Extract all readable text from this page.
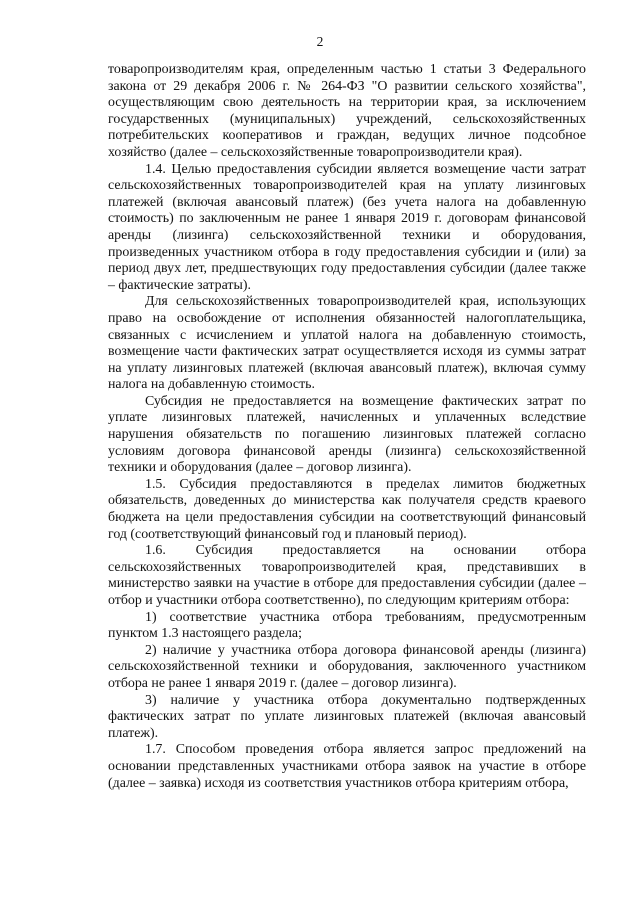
2

товаропроизводителям края, определенным частью 1 статьи 3 Федерального закона от 29 декабря 2006 г. № 264-ФЗ "О развитии сельского хозяйства", осуществляющим свою деятельность на территории края, за исключением государственных (муниципальных) учреждений, сельскохозяйственных потребительских кооперативов и граждан, ведущих личное подсобное хозяйство (далее – сельскохозяйственные товаропроизводители края).

1.4. Целью предоставления субсидии является возмещение части затрат сельскохозяйственных товаропроизводителей края на уплату лизинговых платежей (включая авансовый платеж) (без учета налога на добавленную стоимость) по заключенным не ранее 1 января 2019 г. договорам финансовой аренды (лизинга) сельскохозяйственной техники и оборудования, произведенных участником отбора в году предоставления субсидии и (или) за период двух лет, предшествующих году предоставления субсидии (далее также – фактические затраты).

Для сельскохозяйственных товаропроизводителей края, использующих право на освобождение от исполнения обязанностей налогоплательщика, связанных с исчислением и уплатой налога на добавленную стоимость, возмещение части фактических затрат осуществляется исходя из суммы затрат на уплату лизинговых платежей (включая авансовый платеж), включая сумму налога на добавленную стоимость.

Субсидия не предоставляется на возмещение фактических затрат по уплате лизинговых платежей, начисленных и уплаченных вследствие нарушения обязательств по погашению лизинговых платежей согласно условиям договора финансовой аренды (лизинга) сельскохозяйственной техники и оборудования (далее – договор лизинга).

1.5. Субсидия предоставляются в пределах лимитов бюджетных обязательств, доведенных до министерства как получателя средств краевого бюджета на цели предоставления субсидии на соответствующий финансовый год (соответствующий финансовый год и плановый период).

1.6. Субсидия предоставляется на основании отбора сельскохозяйственных товаропроизводителей края, представивших в министерство заявки на участие в отборе для предоставления субсидии (далее – отбор и участники отбора соответственно), по следующим критериям отбора:

1) соответствие участника отбора требованиям, предусмотренным пунктом 1.3 настоящего раздела;

2) наличие у участника отбора договора финансовой аренды (лизинга) сельскохозяйственной техники и оборудования, заключенного участником отбора не ранее 1 января 2019 г. (далее – договор лизинга).

3) наличие у участника отбора документально подтвержденных фактических затрат по уплате лизинговых платежей (включая авансовый платеж).

1.7. Способом проведения отбора является запрос предложений на основании представленных участниками отбора заявок на участие в отборе (далее – заявка) исходя из соответствия участников отбора критериям отбора,
